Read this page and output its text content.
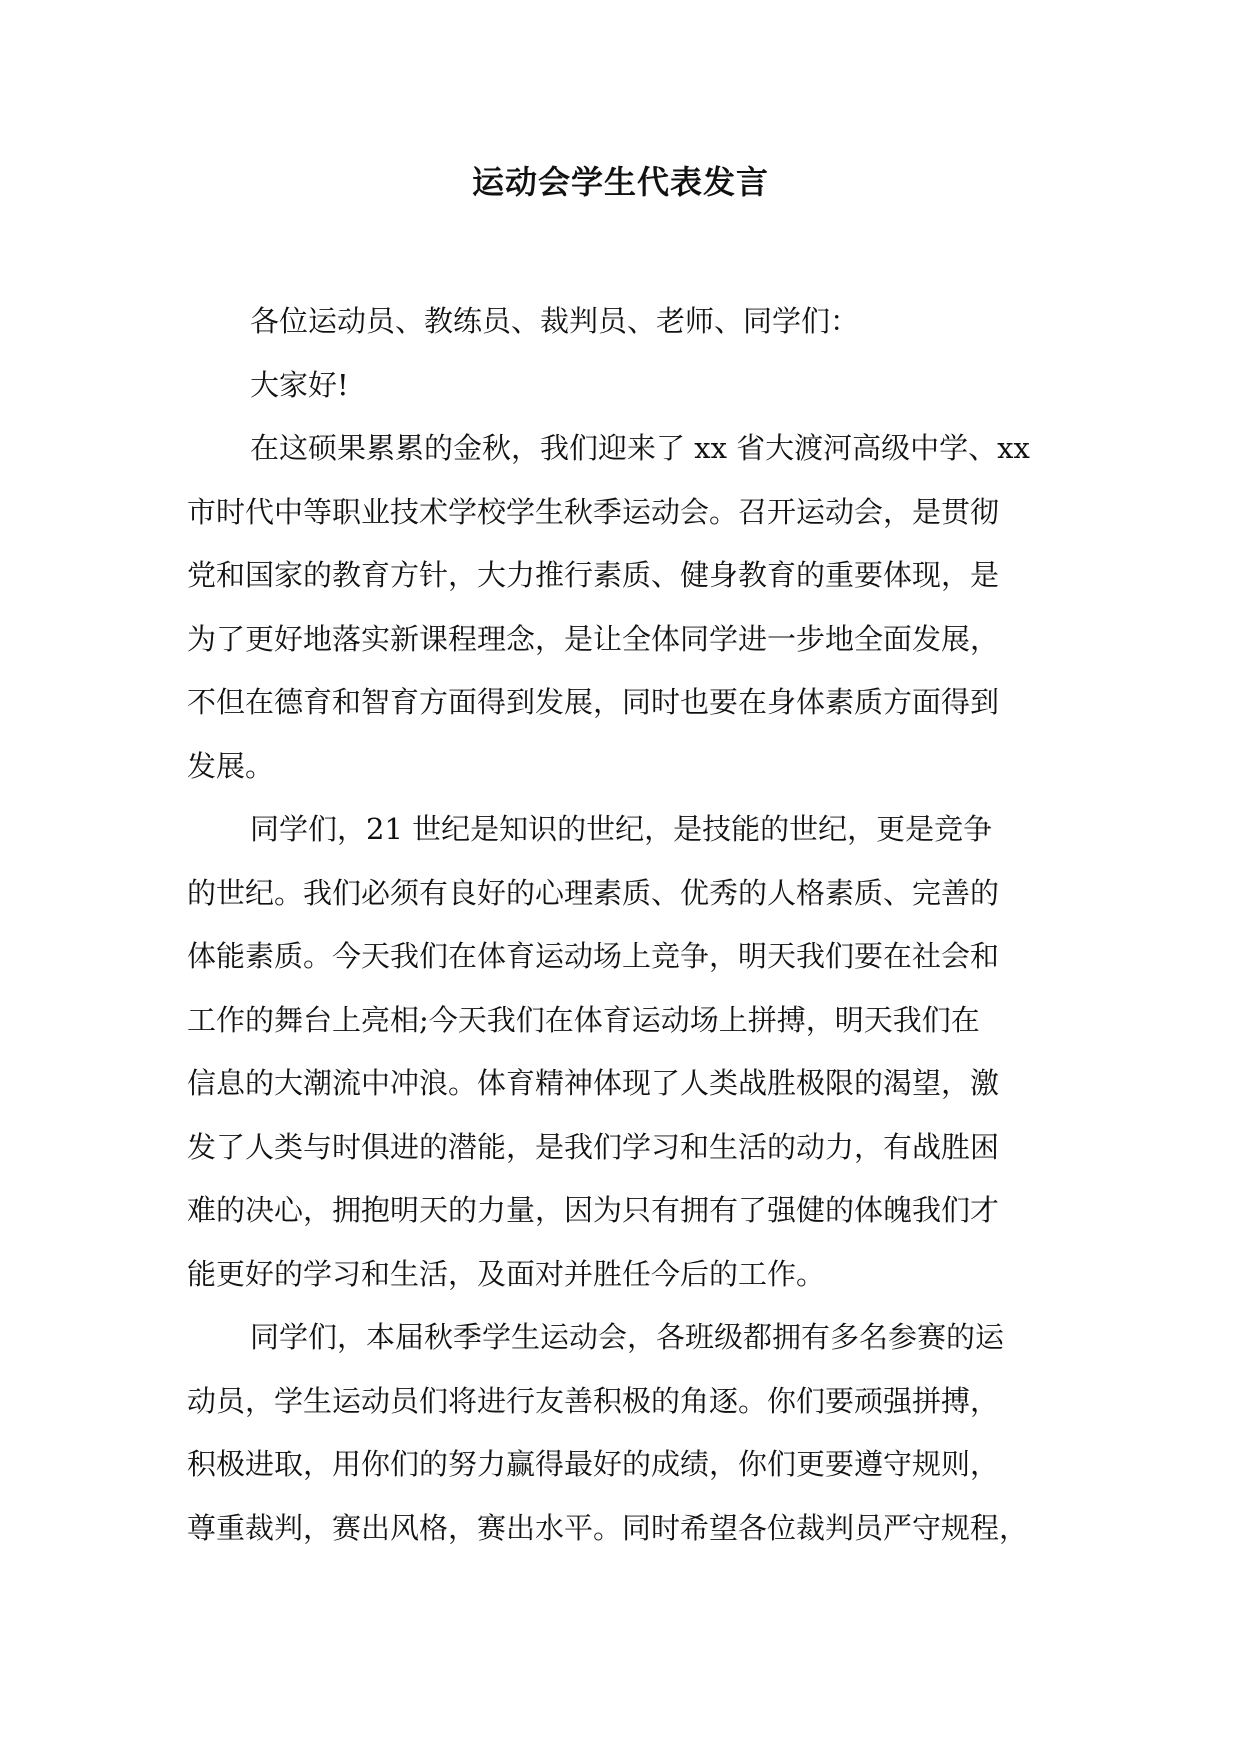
运动会学生代表发言
各位运动员、教练员、裁判员、老师、同学们：
大家好!
在这硕果累累的金秋，我们迎来了 xx 省大渡河高级中学、xx
市时代中等职业技术学校学生秋季运动会。召开运动会，是贯彻
党和国家的教育方针，大力推行素质、健身教育的重要体现，是
为了更好地落实新课程理念，是让全体同学进一步地全面发展，
不但在德育和智育方面得到发展，同时也要在身体素质方面得到
发展。
同学们，21 世纪是知识的世纪，是技能的世纪，更是竞争
的世纪。我们必须有良好的心理素质、优秀的人格素质、完善的
体能素质。今天我们在体育运动场上竞争，明天我们要在社会和
工作的舞台上亮相;今天我们在体育运动场上拼搏，明天我们在
信息的大潮流中冲浪。体育精神体现了人类战胜极限的渴望，激
发了人类与时俱进的潜能，是我们学习和生活的动力，有战胜困
难的决心，拥抱明天的力量，因为只有拥有了强健的体魄我们才
能更好的学习和生活，及面对并胜任今后的工作。
同学们，本届秋季学生运动会，各班级都拥有多名参赛的运
动员，学生运动员们将进行友善积极的角逐。你们要顽强拼搏，
积极进取，用你们的努力赢得最好的成绩，你们更要遵守规则，
尊重裁判，赛出风格，赛出水平。同时希望各位裁判员严守规程，
